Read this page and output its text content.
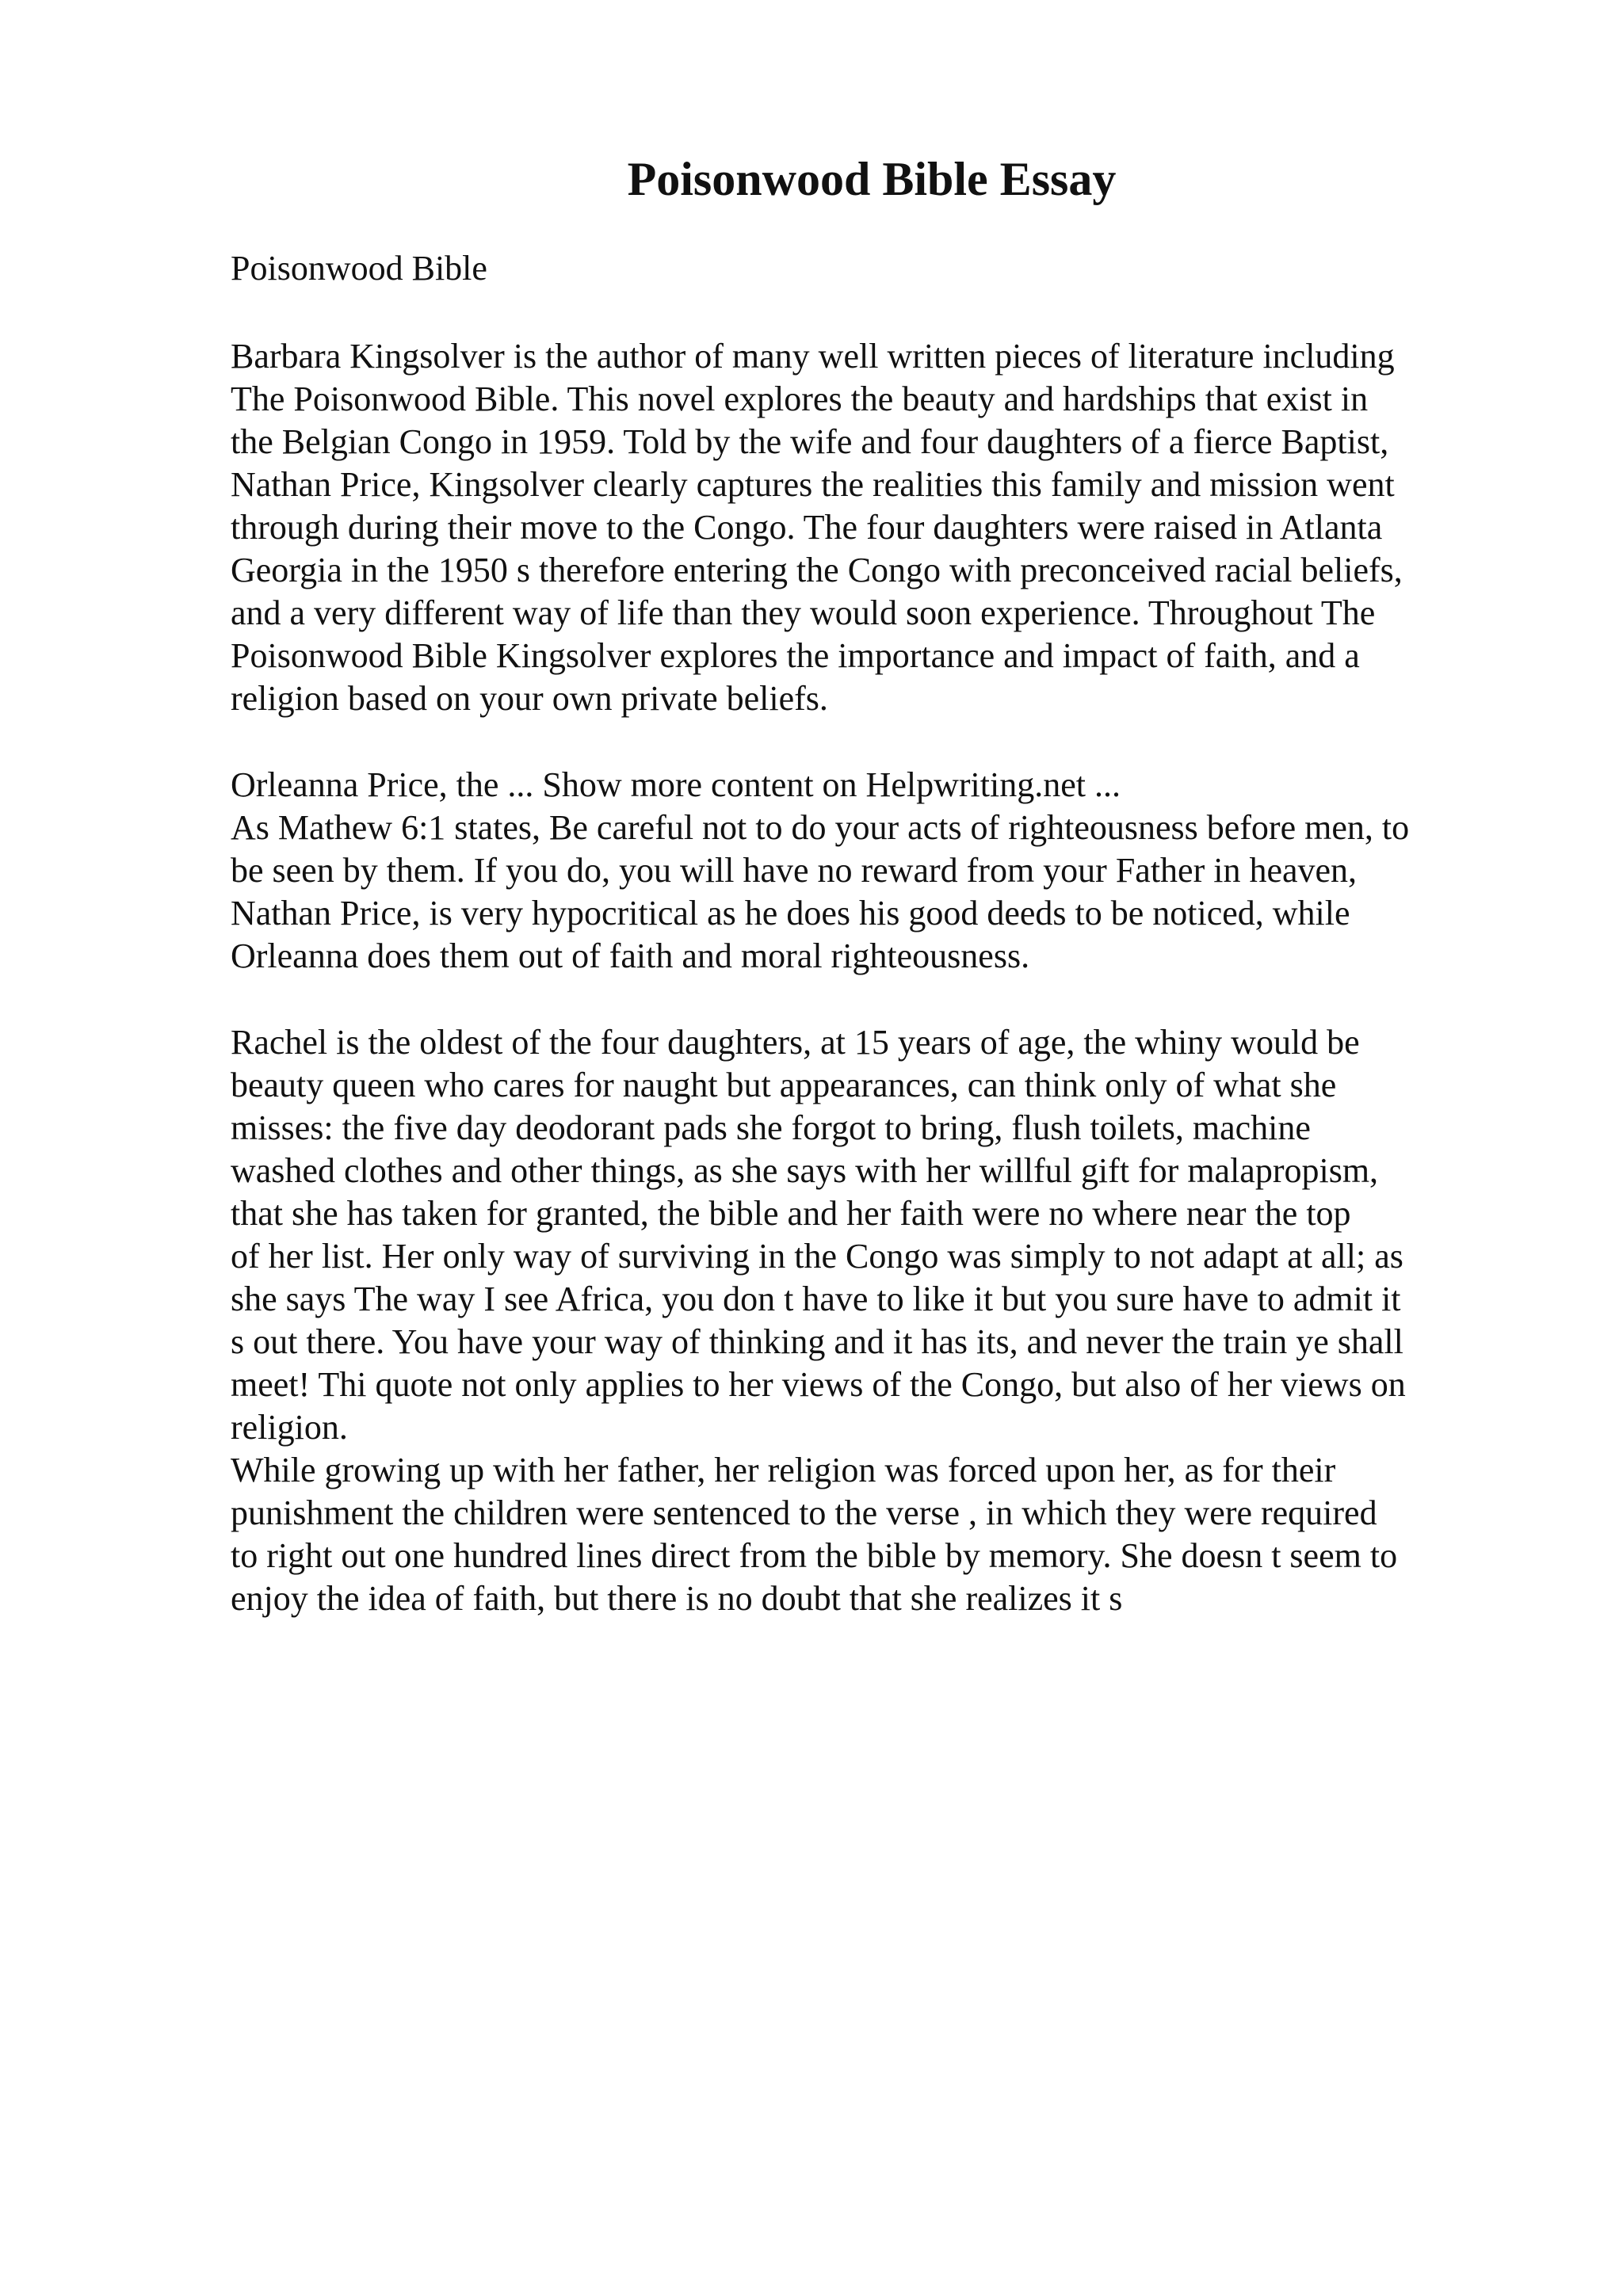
Poisonwood Bible Essay
Poisonwood Bible
Barbara Kingsolver is the author of many well written pieces of literature including
The Poisonwood Bible. This novel explores the beauty and hardships that exist in
the Belgian Congo in 1959. Told by the wife and four daughters of a fierce Baptist,
Nathan Price, Kingsolver clearly captures the realities this family and mission went
through during their move to the Congo. The four daughters were raised in Atlanta
Georgia in the 1950 s therefore entering the Congo with preconceived racial beliefs,
and a very different way of life than they would soon experience. Throughout The
Poisonwood Bible Kingsolver explores the importance and impact of faith, and a
religion based on your own private beliefs.
Orleanna Price, the ... Show more content on Helpwriting.net ...
As Mathew 6:1 states, Be careful not to do your acts of righteousness before men, to
be seen by them. If you do, you will have no reward from your Father in heaven,
Nathan Price, is very hypocritical as he does his good deeds to be noticed, while
Orleanna does them out of faith and moral righteousness.
Rachel is the oldest of the four daughters, at 15 years of age, the whiny would be
beauty queen who cares for naught but appearances, can think only of what she
misses: the five day deodorant pads she forgot to bring, flush toilets, machine
washed clothes and other things, as she says with her willful gift for malapropism,
that she has taken for granted, the bible and her faith were no where near the top
of her list. Her only way of surviving in the Congo was simply to not adapt at all; as
she says The way I see Africa, you don t have to like it but you sure have to admit it
s out there. You have your way of thinking and it has its, and never the train ye shall
meet! Thi quote not only applies to her views of the Congo, but also of her views on
religion.
While growing up with her father, her religion was forced upon her, as for their
punishment the children were sentenced to the verse , in which they were required
to right out one hundred lines direct from the bible by memory. She doesn t seem to
enjoy the idea of faith, but there is no doubt that she realizes it s
